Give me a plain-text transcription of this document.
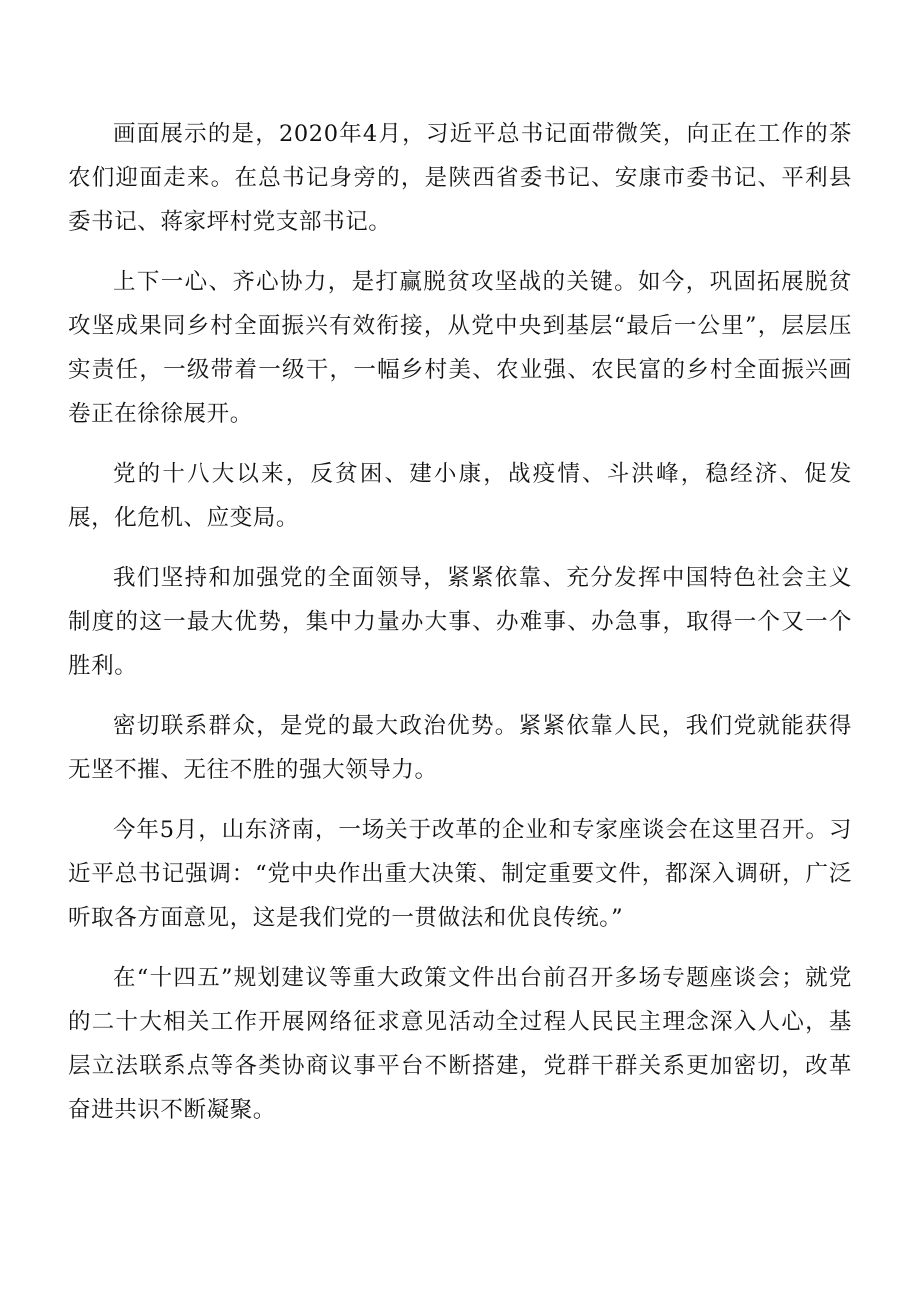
画面展示的是，2020年4月，习近平总书记面带微笑，向正在工作的茶农们迎面走来。在总书记身旁的，是陕西省委书记、安康市委书记、平利县委书记、蒋家坪村党支部书记。

上下一心、齐心协力，是打赢脱贫攻坚战的关键。如今，巩固拓展脱贫攻坚成果同乡村全面振兴有效衔接，从党中央到基层“最后一公里”，层层压实责任，一级带着一级干，一幅乡村美、农业强、农民富的乡村全面振兴画卷正在徐徐展开。

党的十八大以来，反贫困、建小康，战疫情、斗洪峰，稳经济、促发展，化危机、应变局。

我们坚持和加强党的全面领导，紧紧依靠、充分发挥中国特色社会主义制度的这一最大优势，集中力量办大事、办难事、办急事，取得一个又一个胜利。

密切联系群众，是党的最大政治优势。紧紧依靠人民，我们党就能获得无坚不摧、无往不胜的强大领导力。

今年5月，山东济南，一场关于改革的企业和专家座谈会在这里召开。习近平总书记强调：“党中央作出重大决策、制定重要文件，都深入调研，广泛听取各方面意见，这是我们党的一贯做法和优良传统。”

在“十四五”规划建议等重大政策文件出台前召开多场专题座谈会；就党的二十大相关工作开展网络征求意见活动全过程人民民主理念深入人心，基层立法联系点等各类协商议事平台不断搭建，党群干群关系更加密切，改革奋进共识不断凝聚。
